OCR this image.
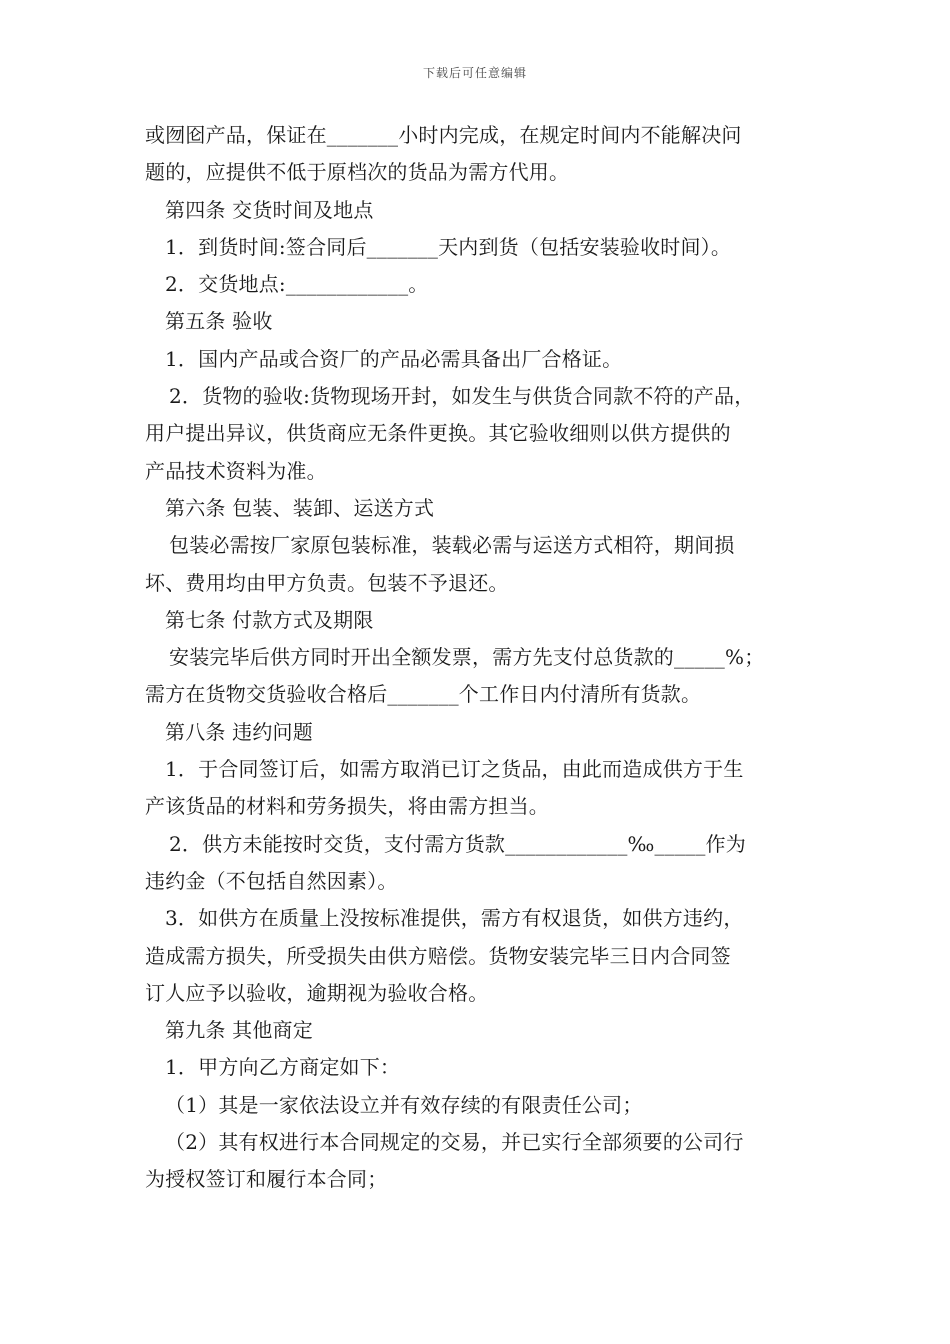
下载后可任意编辑
或囫囵产品，保证在_______小时内完成，在规定时间内不能解决问
题的，应提供不低于原档次的货品为需方代用。
第四条 交货时间及地点
1．到货时间:签合同后_______天内到货（包括安装验收时间）。
2．交货地点:____________。
第五条 验收
1．国内产品或合资厂的产品必需具备出厂合格证。
2．货物的验收:货物现场开封，如发生与供货合同款不符的产品，
用户提出异议，供货商应无条件更换。其它验收细则以供方提供的
产品技术资料为准。
第六条 包装、装卸、运送方式
包装必需按厂家原包装标准，装载必需与运送方式相符，期间损
坏、费用均由甲方负责。包装不予退还。
第七条 付款方式及期限
安装完毕后供方同时开出全额发票，需方先支付总货款的_____%；
需方在货物交货验收合格后_______个工作日内付清所有货款。
第八条 违约问题
1．于合同签订后，如需方取消已订之货品，由此而造成供方于生
产该货品的材料和劳务损失，将由需方担当。
2．供方未能按时交货，支付需方货款____________‰_____作为
违约金（不包括自然因素）。
3．如供方在质量上没按标准提供，需方有权退货，如供方违约，
造成需方损失，所受损失由供方赔偿。货物安装完毕三日内合同签
订人应予以验收，逾期视为验收合格。
第九条 其他商定
1．甲方向乙方商定如下：
（1）其是一家依法设立并有效存续的有限责任公司；
（2）其有权进行本合同规定的交易，并已实行全部须要的公司行
为授权签订和履行本合同；
